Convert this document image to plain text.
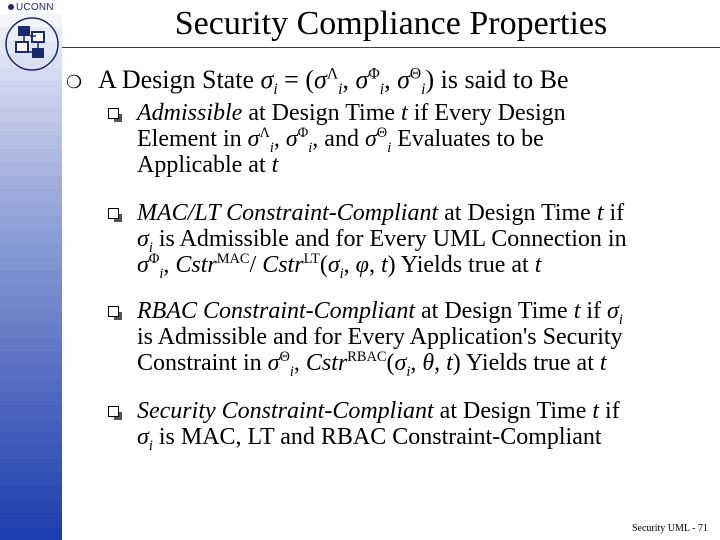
UCONN	Security Compliance Properties
❍ A Design State $\sigma_i = (\sigma^\Lambda_i$, $\sigma^\Phi_i$, $\sigma^\Theta_i$) is said to Be
Admissible at Design Time t if Every Design
Element in $\sigma^\Lambda_i$, $\sigma^\Phi_i$, and $\sigma^\Theta_i$ Evaluates to be
Applicable at t
MAC/LT Constraint-Compliant at Design Time t if
$\sigma_i$ is Admissible and for Every UML Connection in
$\sigma^\Phi_i$, Cstr$^{MAC}$/ $Cstr^{LT}(\sigma_i$, φ, t) Yields true at t
RBAC Constraint-Compliant at Design Time t if $\sigma_i$
is Admissible and for Every Application's Security
Constraint in $\sigma^\Theta_i$, $Cstr^{RBAC}(\sigma_i$, θ, t) Yields true at t
Security Constraint-Compliant at Design Time t if
$\sigma_i$ is MAC, LT and RBAC Constraint-Compliant
Security UML - 71
